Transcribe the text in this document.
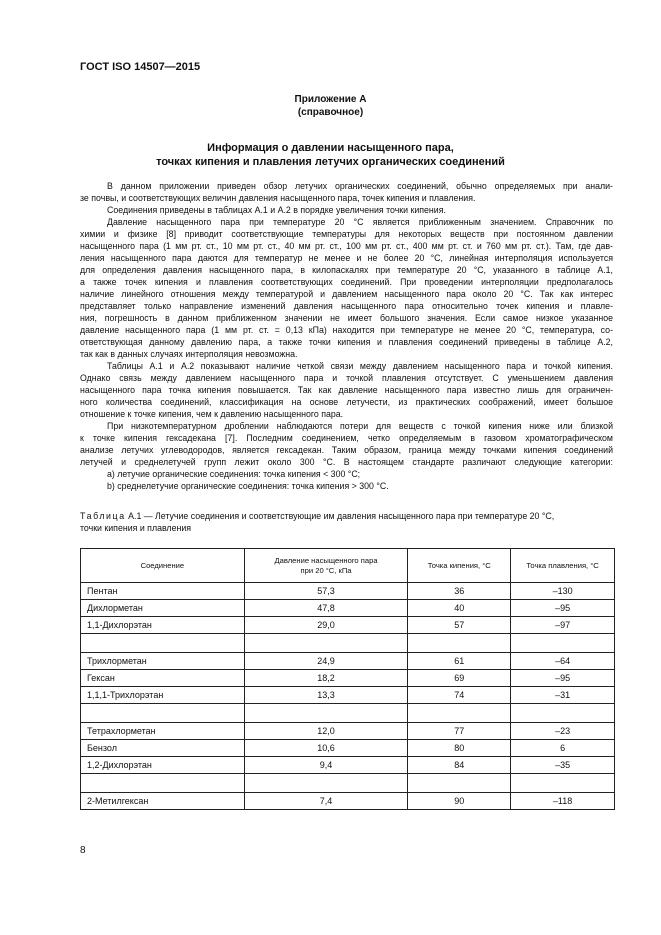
ГОСТ ISO 14507—2015
Приложение А
(справочное)
Информация о давлении насыщенного пара,
точках кипения и плавления летучих органических соединений
В данном приложении приведен обзор летучих органических соединений, обычно определяемых при анали-
зе почвы, и соответствующих величин давления насыщенного пара, точек кипения и плавления.
Соединения приведены в таблицах А.1 и А.2 в порядке увеличения точки кипения.
Давление насыщенного пара при температуре 20 °С является приближенным значением. Справочник по
химии и физике [8] приводит соответствующие температуры для некоторых веществ при постоянном давлении
насыщенного пара (1 мм рт. ст., 10 мм рт. ст., 40 мм рт. ст., 100 мм рт. ст., 400 мм рт. ст. и 760 мм рт. ст.). Там, где дав-
ления насыщенного пара даются для температур не менее и не более 20 °С, линейная интерполяция используется
для определения давления насыщенного пара, в килопаскалях при температуре 20 °С, указанного в таблице А.1,
а также точек кипения и плавления соответствующих соединений. При проведении интерполяции предполагалось
наличие линейного отношения между температурой и давлением насыщенного пара около 20 °С. Так как интерес
представляет только направление изменений давления насыщенного пара относительно точек кипения и плавле-
ния, погрешность в данном приближенном значении не имеет большого значения. Если самое низкое указанное
давление насыщенного пара (1 мм рт. ст. = 0,13 кПа) находится при температуре не менее 20 °С, температура, со-
ответствующая данному давлению пара, а также точки кипения и плавления соединений приведены в таблице А.2,
так как в данных случаях интерполяция невозможна.
Таблицы А.1 и А.2 показывают наличие четкой связи между давлением насыщенного пара и точкой кипения.
Однако связь между давлением насыщенного пара и точкой плавления отсутствует. С уменьшением давления
насыщенного пара точка кипения повышается. Так как давление насыщенного пара известно лишь для ограничен-
ного количества соединений, классификация на основе летучести, из практических соображений, имеет большое
отношение к точке кипения, чем к давлению насыщенного пара.
При низкотемпературном дроблении наблюдаются потери для веществ с точкой кипения ниже или близкой
к точке кипения гексадекана [7]. Последним соединением, четко определяемым в газовом хроматографическом
анализе летучих углеводородов, является гексадекан. Таким образом, граница между точками кипения соединений
летучей и среднелетучей групп лежит около 300 °С. В настоящем стандарте различают следующие категории:
a) летучие органические соединения: точка кипения < 300 °С;
b) среднелетучие органические соединения: точка кипения > 300 °С.
Таблица А.1 — Летучие соединения и соответствующие им давления насыщенного пара при температуре 20 °С,
точки кипения и плавления
Соединение	Давление насыщенного пара
при 20 °С, кПа	Точка кипения, °С	Точка плавления, °С
Пентан	57,3	36	–130
Дихлорметан	47,8	40	–95
1,1-Дихлорэтан	29,0	57	–97

Трихлорметан	24,9	61	–64
Гексан	18,2	69	–95
1,1,1-Трихлорэтан	13,3	74	–31

Тетрахлорметан	12,0	77	–23
Бензол	10,6	80	6
1,2-Дихлорэтан	9,4	84	–35

2-Метилгексан	7,4	90	–118
8
